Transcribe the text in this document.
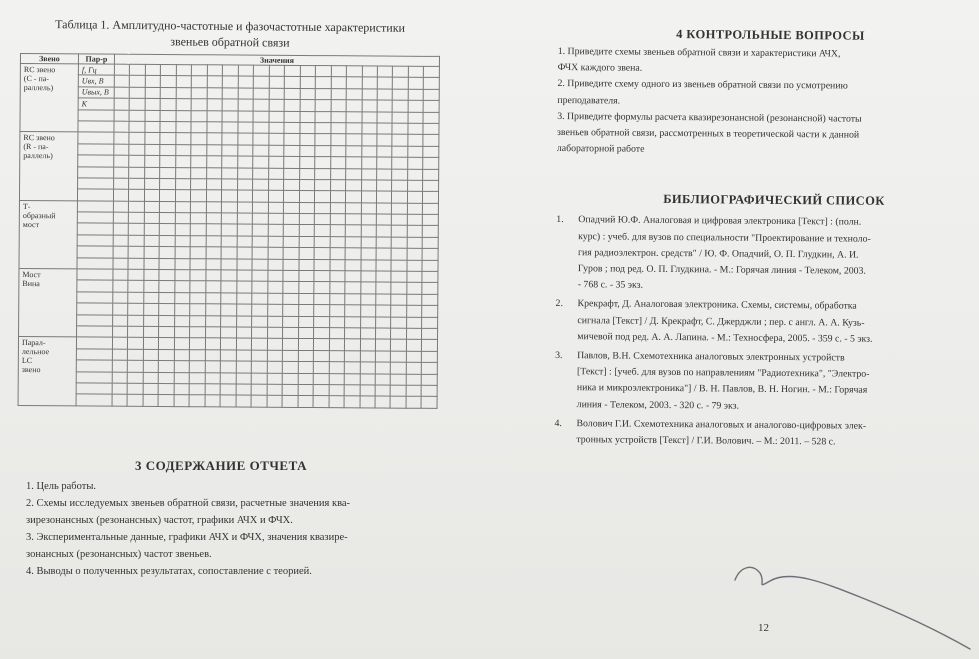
Таблица 1. Амплитудно-частотные и фазочастотные характеристики
звеньев обратной связи
Звено	Пар-р	Значения																				

RC звено
(C - па-
раллель)	f, Гц																					
	Uвх, B																					
	Uвых, B																					
	K																					

RC звено
(R - па-
раллель)																						

Т-
образный
мост																						

Мост
Вина																						

Парал-
лельное
LC
звено																						

3 СОДЕРЖАНИЕ ОТЧЕТА
1. Цель работы.
2. Схемы исследуемых звеньев обратной связи, расчетные значения ква-
зирезонансных (резонансных) частот, графики АЧХ и ФЧХ.
3. Экспериментальные данные, графики АЧХ и ФЧХ, значения квазире-
зонансных (резонансных) частот звеньев.
4. Выводы о полученных результатах, сопоставление с теорией.
4 КОНТРОЛЬНЫЕ ВОПРОСЫ
1. Приведите схемы звеньев обратной связи и характеристики АЧХ,
ФЧХ каждого звена.
2. Приведите схему одного из звеньев обратной связи по усмотрению
преподавателя.
3. Приведите формулы расчета квазирезонансной (резонансной) частоты
звеньев обратной связи, рассмотренных в теоретической части к данной
лабораторной работе
БИБЛИОГРАФИЧЕСКИЙ СПИСОК
1. Опадчий Ю.Ф. Аналоговая и цифровая электроника [Текст] : (полн.
курс) : учеб. для вузов по специальности "Проектирование и техноло-
гия радиоэлектрон. средств" / Ю. Ф. Опадчий, О. П. Глудкин, А. И.
Гуров ; под ред. О. П. Глудкина. - М.: Горячая линия - Телеком, 2003.
- 768 с. - 35 экз.
2. Крекрафт, Д. Аналоговая электроника. Схемы, системы, обработка
сигнала [Текст] / Д. Крекрафт, С. Джерджли ; пер. с англ. А. А. Кузь-
мичевой под ред. А. А. Лапина. - М.: Техносфера, 2005. - 359 с. - 5 экз.
3. Павлов, В.Н. Схемотехника аналоговых электронных устройств
[Текст] : [учеб. для вузов по направлениям "Радиотехника", "Электро-
ника и микроэлектроника"] / В. Н. Павлов, В. Н. Ногин. - М.: Горячая
линия - Телеком, 2003. - 320 с. - 79 экз.
4. Волович Г.И. Схемотехника аналоговых и аналогово-цифровых элек-
тронных устройств [Текст] / Г.И. Волович. – М.: 2011. – 528 с.
12
